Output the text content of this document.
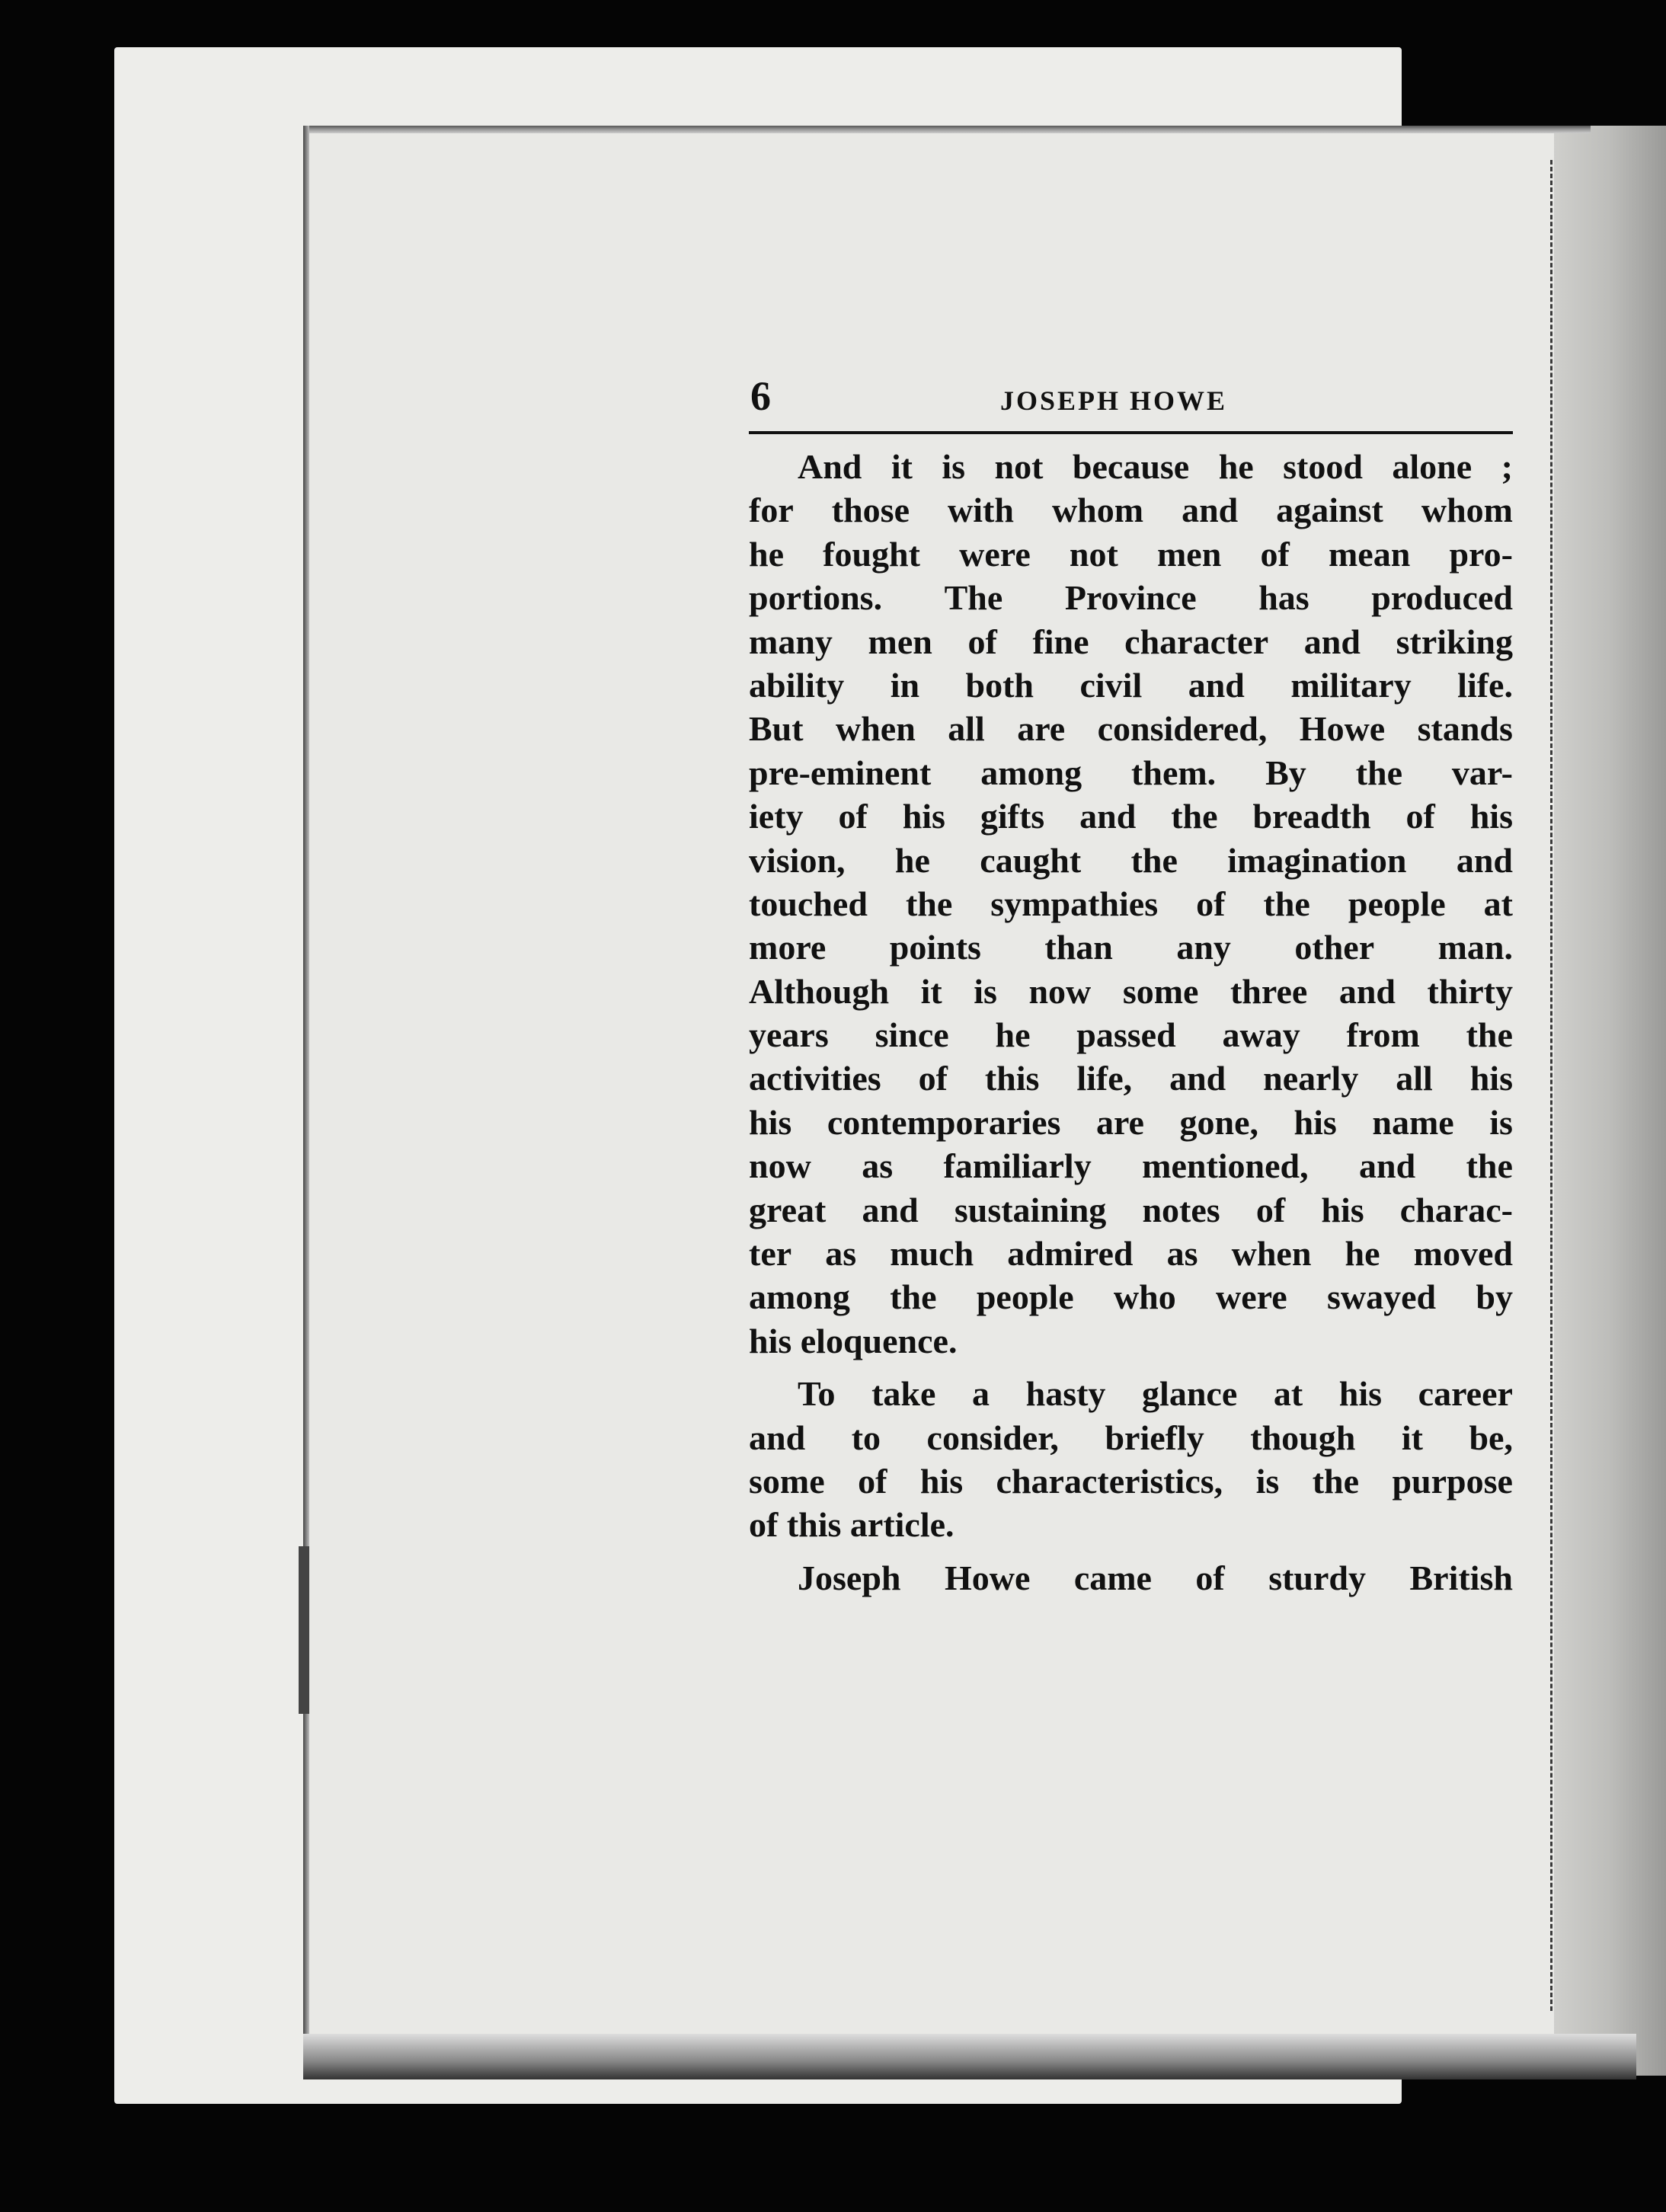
6	JOSEPH HOWE
And it is not because he stood alone ;
for those with whom and against whom
he fought were not men of mean pro-
portions. The Province has produced
many men of fine character and striking
ability in both civil and military life.
But when all are considered, Howe stands
pre-eminent among them. By the var-
iety of his gifts and the breadth of his
vision, he caught the imagination and
touched the sympathies of the people at
more points than any other man.
Although it is now some three and thirty
years since he passed away from the
activities of this life, and nearly all his
his contemporaries are gone, his name is
now as familiarly mentioned, and the
great and sustaining notes of his charac-
ter as much admired as when he moved
among the people who were swayed by
his eloquence.
To take a hasty glance at his career
and to consider, briefly though it be,
some of his characteristics, is the purpose
of this article.
Joseph Howe came of sturdy British
